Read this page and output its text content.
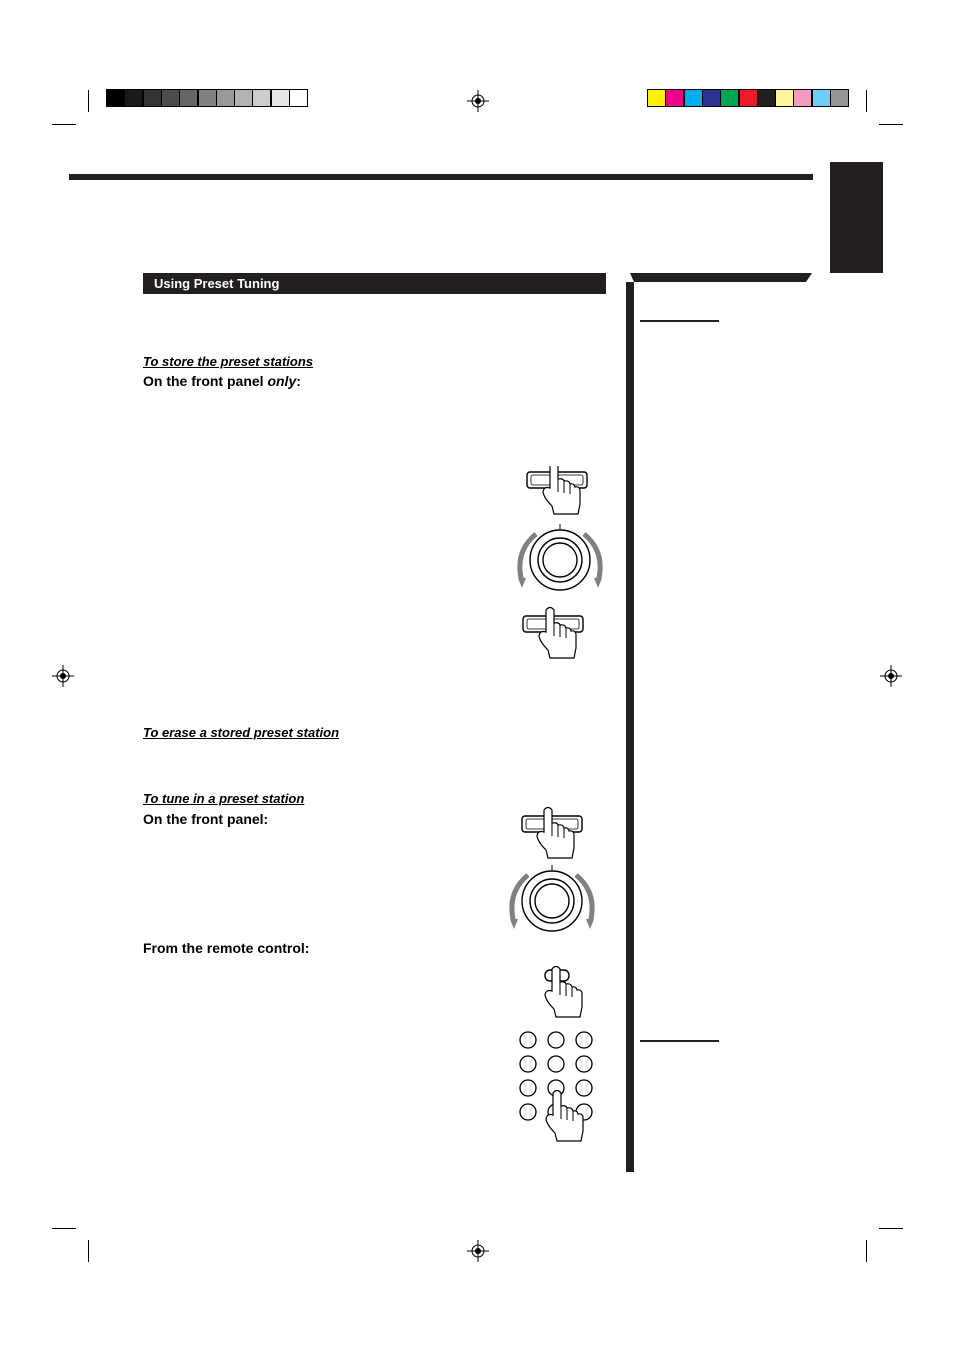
Using Preset Tuning
To store the preset stations
On the front panel only:
To erase a stored preset station
To tune in a preset station
On the front panel:
From the remote control:
